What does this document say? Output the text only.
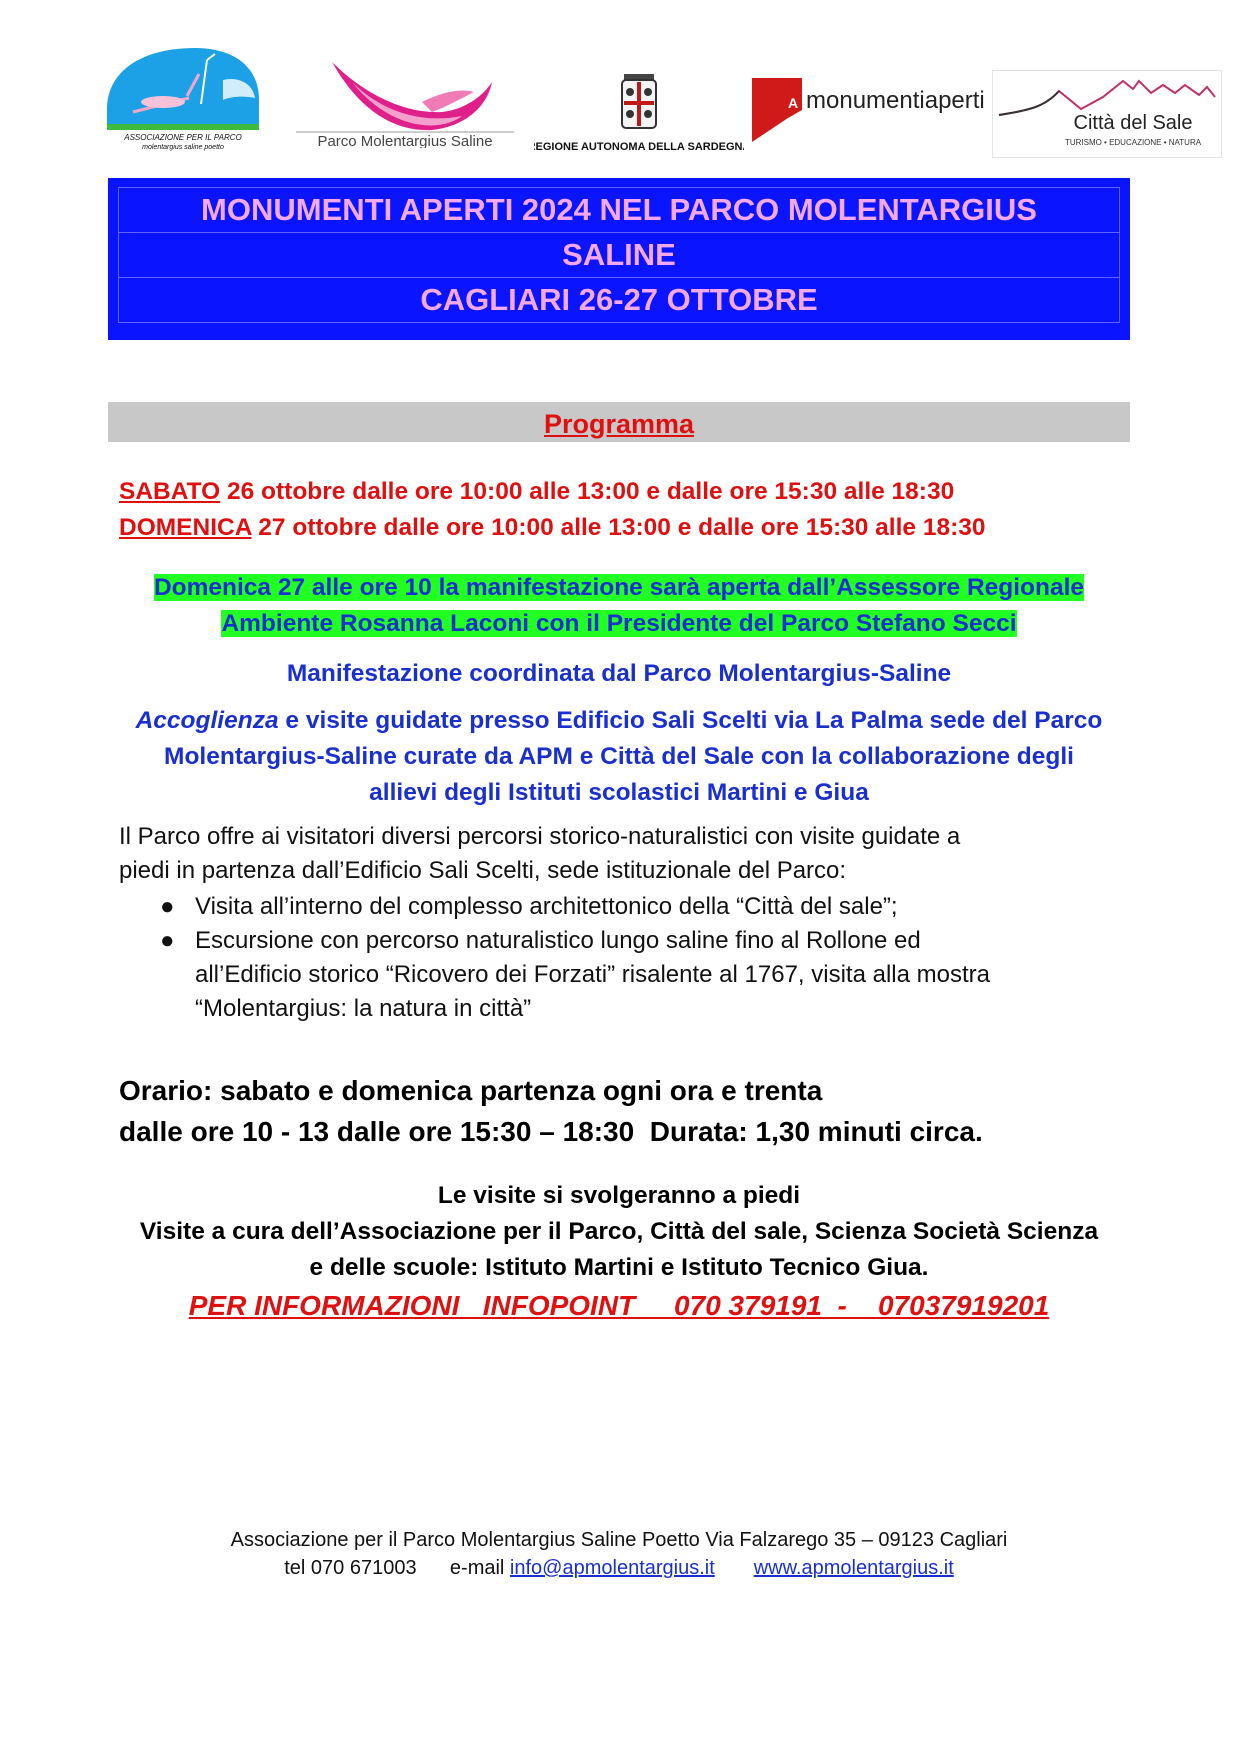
ASSOCIAZIONE PER IL PARCO
molentargius saline poetto	Parco Molentargius Saline	REGIONE AUTONOMA DELLA SARDEGNA
A monumentiaperti
Città del Sale
TURISMO • EDUCAZIONE • NATURA
MONUMENTI APERTI 2024 NEL PARCO MOLENTARGIUS
SALINE
CAGLIARI 26-27 OTTOBRE
Programma
SABATO 26 ottobre dalle ore 10:00 alle 13:00 e dalle ore 15:30 alle 18:30
DOMENICA 27 ottobre dalle ore 10:00 alle 13:00 e dalle ore 15:30 alle 18:30
Domenica 27 alle ore 10 la manifestazione sarà aperta dall’Assessore Regionale
Ambiente Rosanna Laconi con il Presidente del Parco Stefano Secci
Manifestazione coordinata dal Parco Molentargius-Saline
Accoglienza e visite guidate presso Edificio Sali Scelti via La Palma sede del Parco
Molentargius-Saline curate da APM e Città del Sale con la collaborazione degli
allievi degli Istituti scolastici Martini e Giua
Il Parco offre ai visitatori diversi percorsi storico-naturalistici con visite guidate a
piedi in partenza dall’Edificio Sali Scelti, sede istituzionale del Parco:
● Visita all’interno del complesso architettonico della “Città del sale”;
● Escursione con percorso naturalistico lungo saline fino al Rollone ed
all’Edificio storico “Ricovero dei Forzati” risalente al 1767, visita alla mostra
“Molentargius: la natura in città”
Orario: sabato e domenica partenza ogni ora e trenta
dalle ore 10 - 13 dalle ore 15:30 – 18:30  Durata: 1,30 minuti circa.
Le visite si svolgeranno a piedi
Visite a cura dell’Associazione per il Parco, Città del sale, Scienza Società Scienza
e delle scuole: Istituto Martini e Istituto Tecnico Giua.
PER INFORMAZIONI   INFOPOINT     070 379191  -    07037919201
Associazione per il Parco Molentargius Saline Poetto Via Falzarego 35 – 09123 Cagliari
tel 070 671003 e-mail info@apmolentargius.it www.apmolentargius.it
